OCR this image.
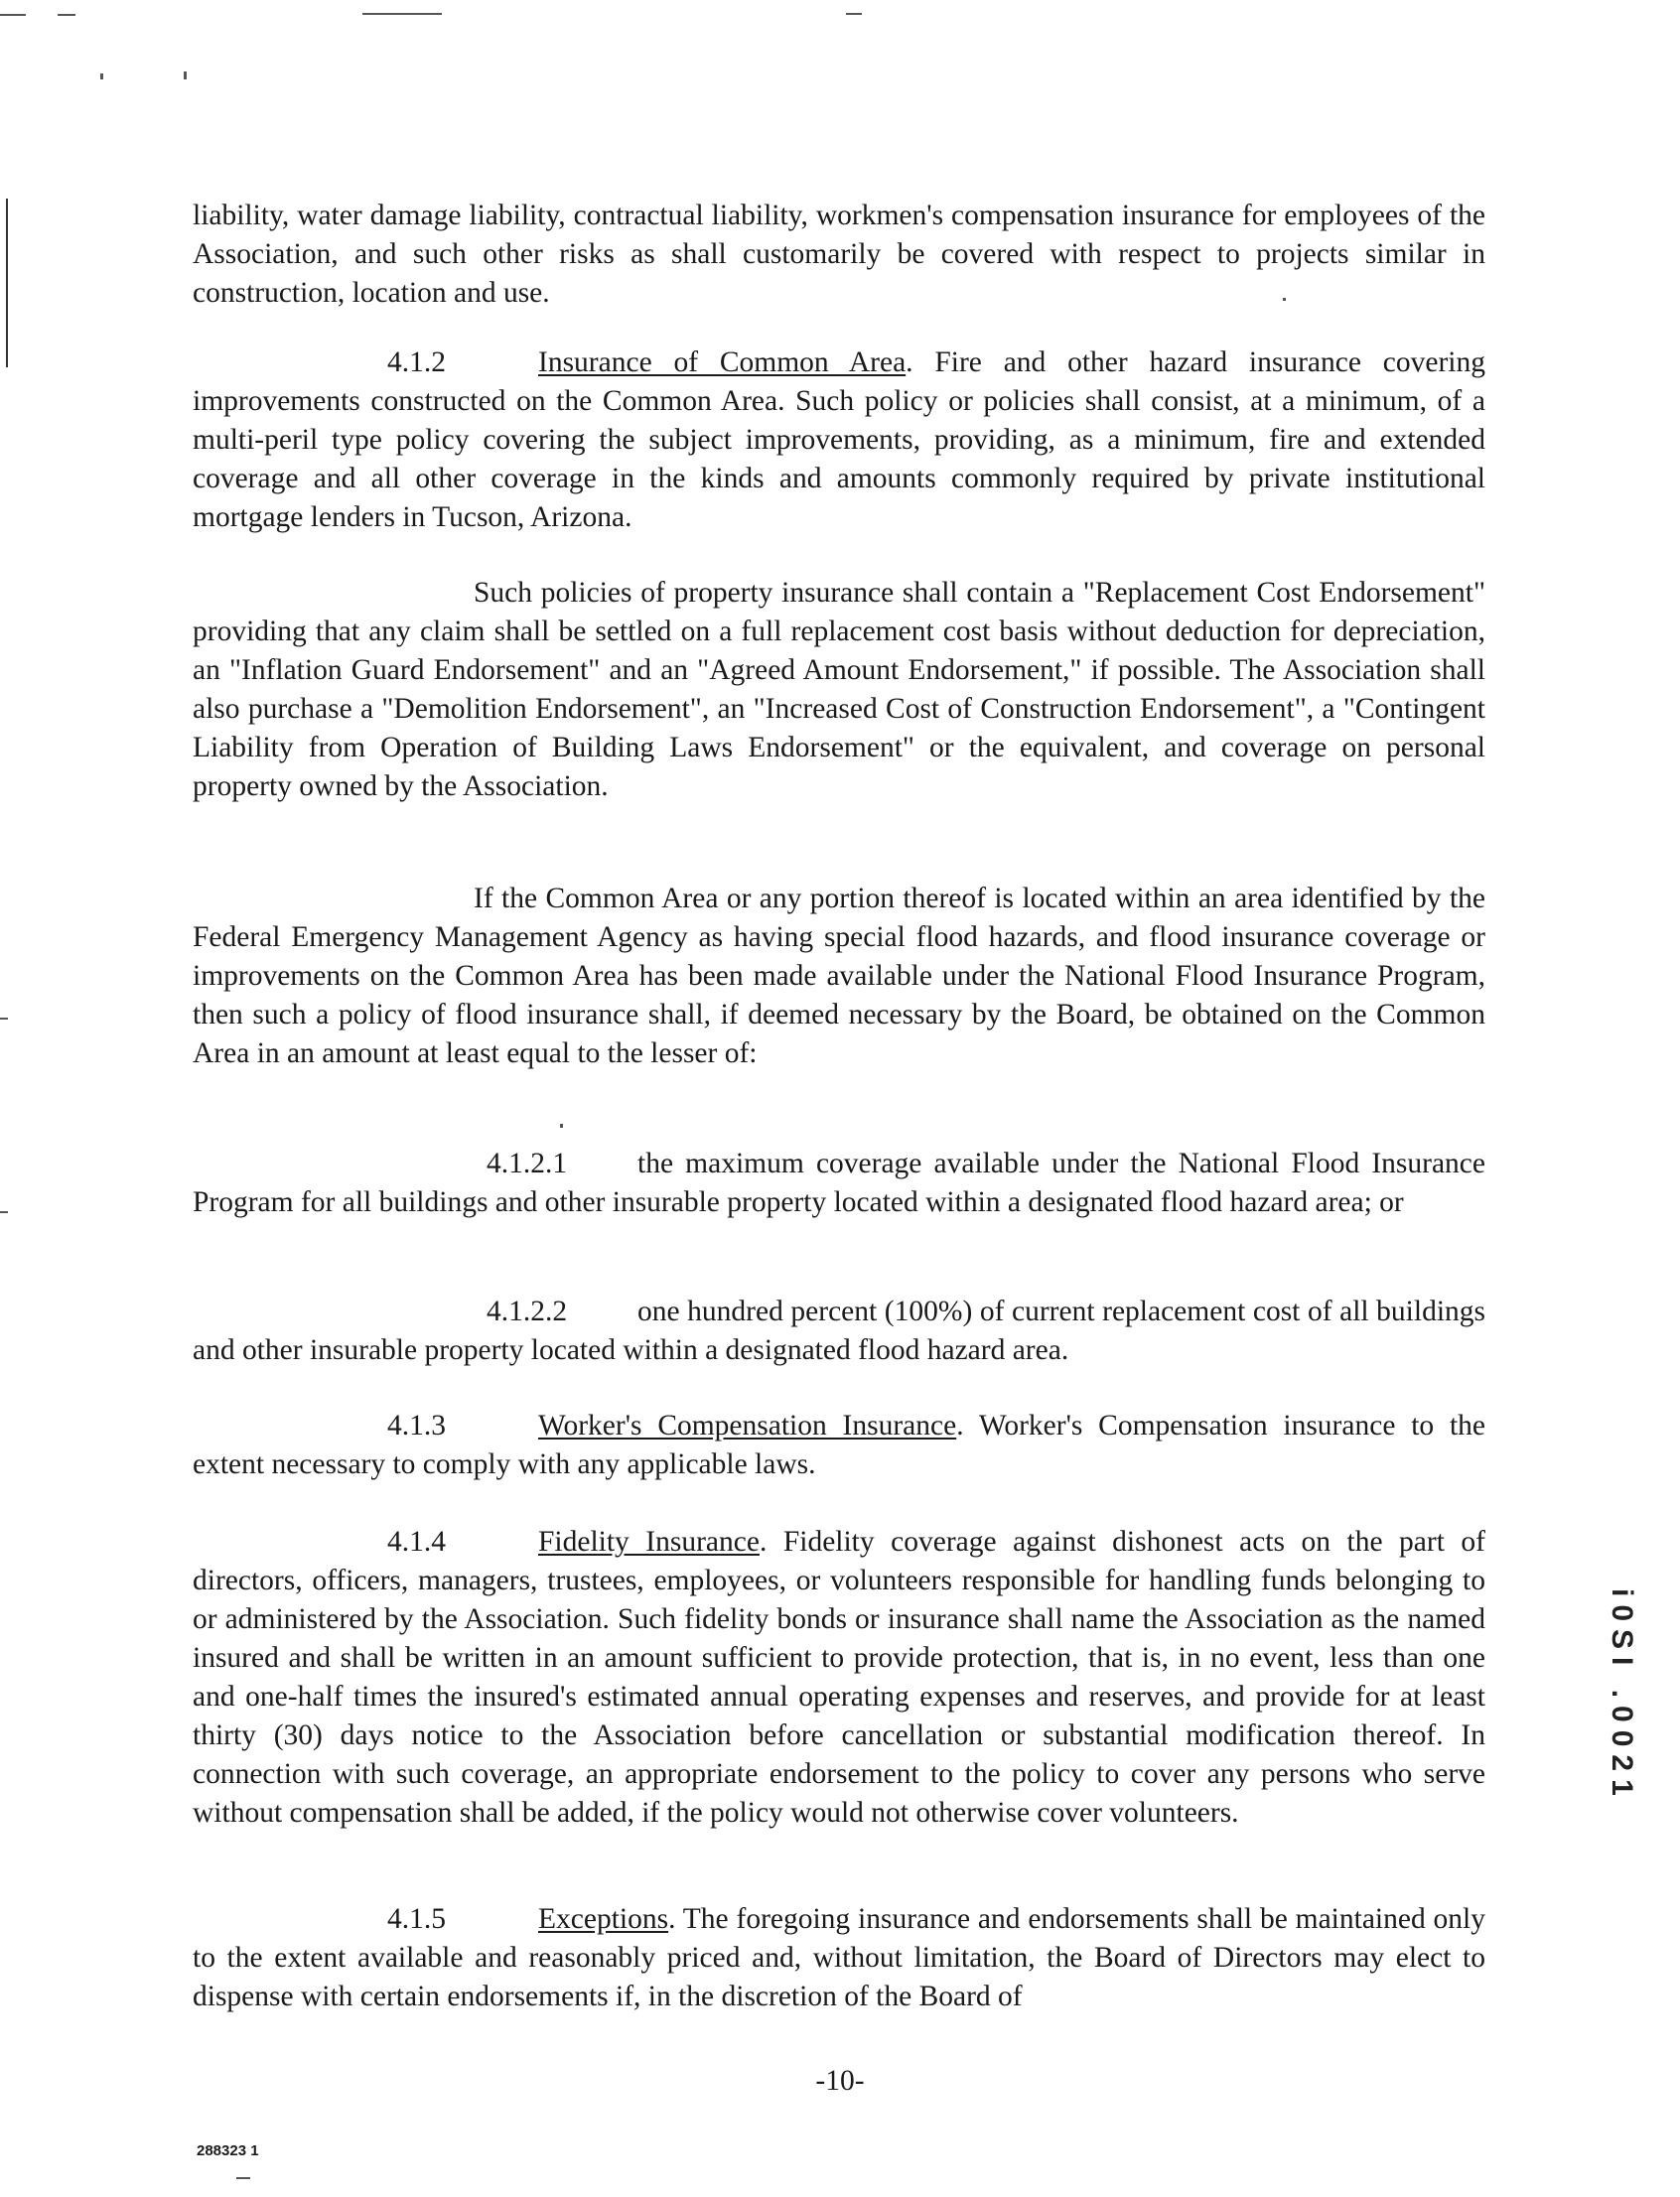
liability, water damage liability, contractual liability, workmen's compensation insurance for employees of the Association, and such other risks as shall customarily be covered with respect to projects similar in construction, location and use.

4.1.2	Insurance of Common Area. Fire and other hazard insurance covering improvements constructed on the Common Area. Such policy or policies shall consist, at a minimum, of a multi-peril type policy covering the subject improvements, providing, as a minimum, fire and extended coverage and all other coverage in the kinds and amounts commonly required by private institutional mortgage lenders in Tucson, Arizona.

Such policies of property insurance shall contain a "Replacement Cost Endorsement" providing that any claim shall be settled on a full replacement cost basis without deduction for depreciation, an "Inflation Guard Endorsement" and an "Agreed Amount Endorsement," if possible. The Association shall also purchase a "Demolition Endorsement", an "Increased Cost of Construction Endorsement", a "Contingent Liability from Operation of Building Laws Endorsement" or the equivalent, and coverage on personal property owned by the Association.

If the Common Area or any portion thereof is located within an area identified by the Federal Emergency Management Agency as having special flood hazards, and flood insurance coverage or improvements on the Common Area has been made available under the National Flood Insurance Program, then such a policy of flood insurance shall, if deemed necessary by the Board, be obtained on the Common Area in an amount at least equal to the lesser of:

4.1.2.1 the maximum coverage available under the National Flood Insurance Program for all buildings and other insurable property located within a designated flood hazard area; or

4.1.2.2 one hundred percent (100%) of current replacement cost of all buildings and other insurable property located within a designated flood hazard area.

4.1.3	Worker's Compensation Insurance. Worker's Compensation insurance to the extent necessary to comply with any applicable laws.

4.1.4	Fidelity Insurance. Fidelity coverage against dishonest acts on the part of directors, officers, managers, trustees, employees, or volunteers responsible for handling funds belonging to or administered by the Association. Such fidelity bonds or insurance shall name the Association as the named insured and shall be written in an amount sufficient to provide protection, that is, in no event, less than one and one-half times the insured's estimated annual operating expenses and reserves, and provide for at least thirty (30) days notice to the Association before cancellation or substantial modification thereof. In connection with such coverage, an appropriate endorsement to the policy to cover any persons who serve without compensation shall be added, if the policy would not otherwise cover volunteers.

4.1.5	Exceptions. The foregoing insurance and endorsements shall be maintained only to the extent available and reasonably priced and, without limitation, the Board of Directors may elect to dispense with certain endorsements if, in the discretion of the Board of

-10-
288323 1
i0SI .0021
